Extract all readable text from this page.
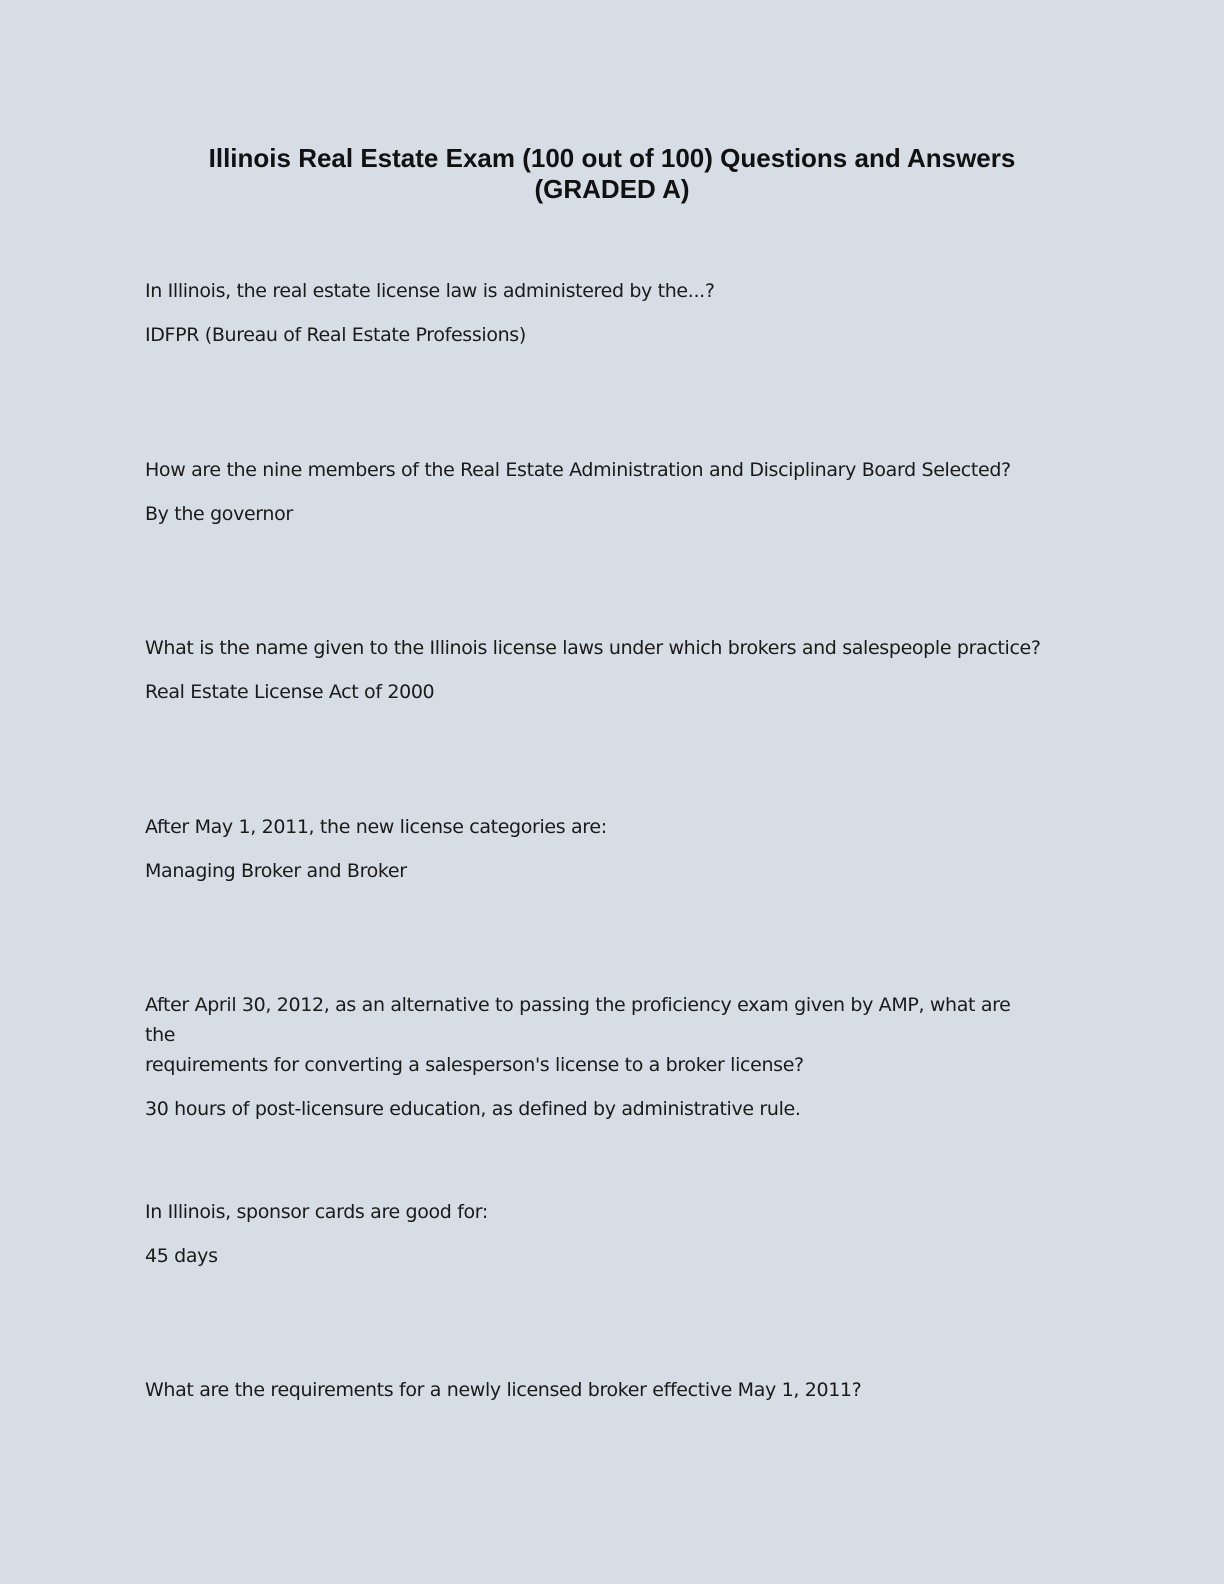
Illinois Real Estate Exam (100 out of 100) Questions and Answers
(GRADED A)

In Illinois, the real estate license law is administered by the...?

IDFPR (Bureau of Real Estate Professions)

How are the nine members of the Real Estate Administration and Disciplinary Board Selected?

By the governor

What is the name given to the Illinois license laws under which brokers and salespeople practice?

Real Estate License Act of 2000

After May 1, 2011, the new license categories are:

Managing Broker and Broker

After April 30, 2012, as an alternative to passing the proficiency exam given by AMP, what are the
requirements for converting a salesperson's license to a broker license?

30 hours of post-licensure education, as defined by administrative rule.

In Illinois, sponsor cards are good for:

45 days

What are the requirements for a newly licensed broker effective May 1, 2011?
